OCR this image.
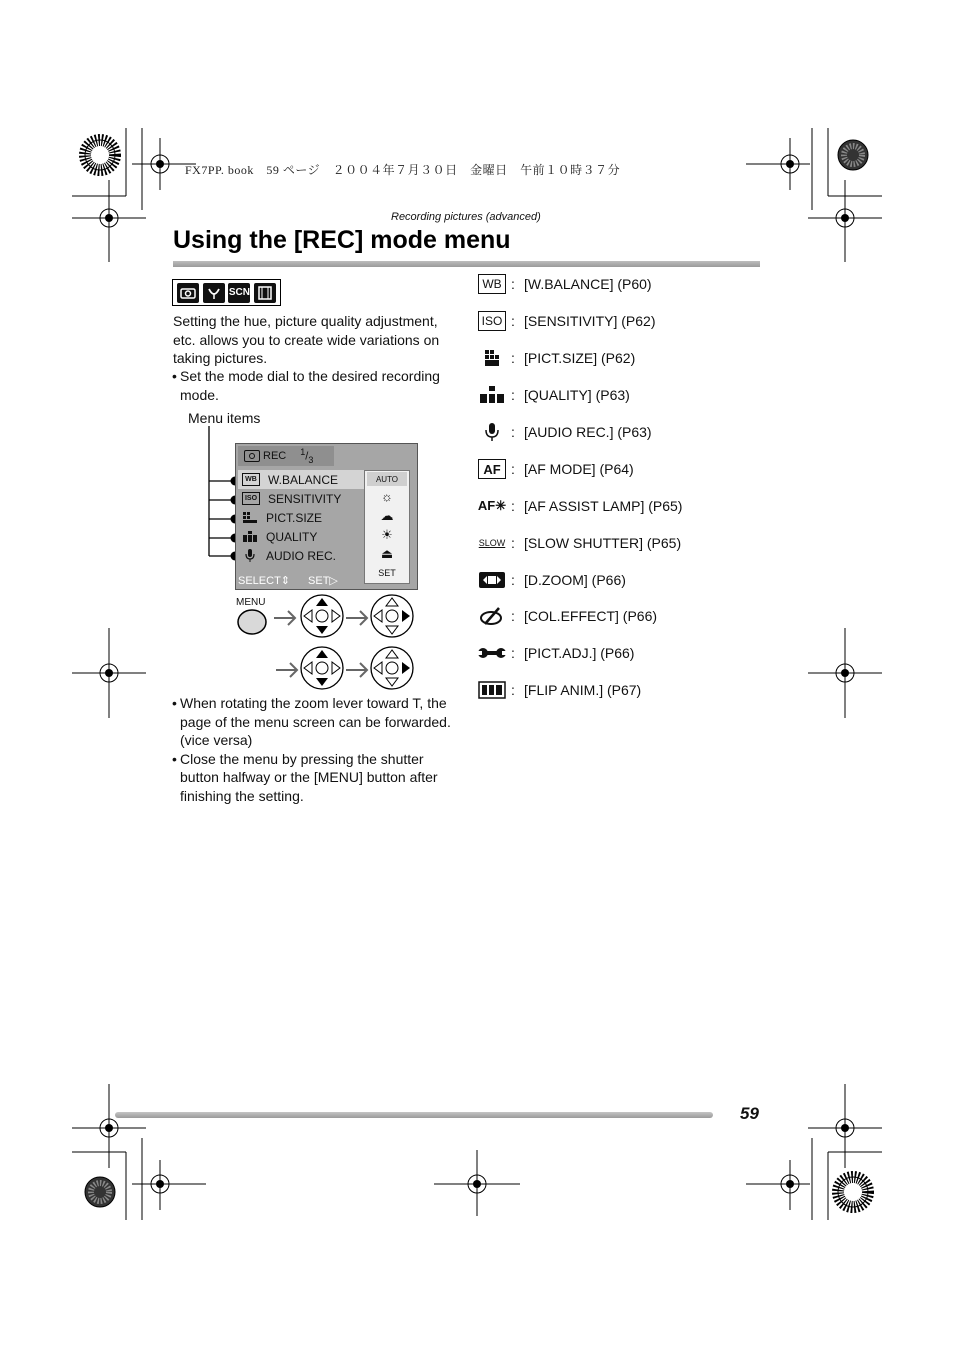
FX7PP. book　59 ページ　２００４年７月３０日　金曜日　午前１０時３７分
Recording pictures (advanced)
Using the [REC] mode menu
SCN

Setting the hue, picture quality adjustment, etc. allows you to create wide variations on taking pictures.

• Set the mode dial to the desired recording mode.
Menu items
REC $^1/_3$
WB W.BALANCE
ISO SENSITIVITY
PICT.SIZE
QUALITY
AUDIO REC.
AUTO
☼
☁
☀
⏏
SET
SELECT⇕ SET▷
MENU
• When rotating the zoom lever toward T, the page of the menu screen can be forwarded. (vice versa)
• Close the menu by pressing the shutter button halfway or the [MENU] button after finishing the setting.
WB : [W.BALANCE] (P60)
ISO : [SENSITIVITY] (P62)
: [PICT.SIZE] (P62)
: [QUALITY] (P63)
: [AUDIO REC.] (P63)
AF : [AF MODE] (P64)
AF✳ : [AF ASSIST LAMP] (P65)
SLOW : [SLOW SHUTTER] (P65)
: [D.ZOOM] (P66)
: [COL.EFFECT] (P66)
: [PICT.ADJ.] (P66)
: [FLIP ANIM.] (P67)
59
